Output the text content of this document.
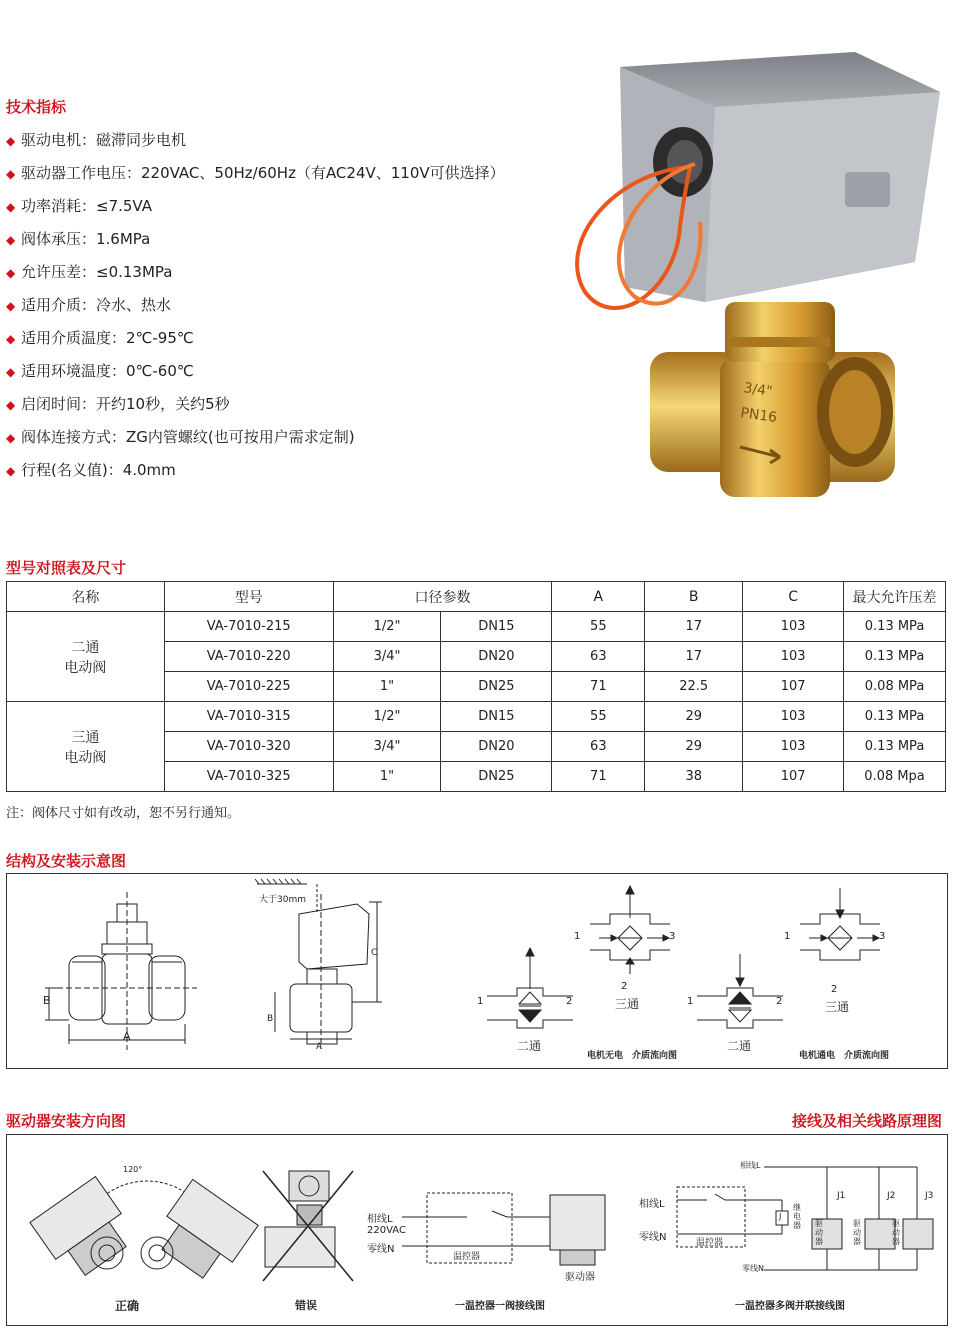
技术指标
◆ 驱动电机：磁滞同步电机
◆ 驱动器工作电压：220VAC、50Hz/60Hz（有AC24V、110V可供选择）
◆ 功率消耗：≤7.5VA
◆ 阀体承压：1.6MPa
◆ 允许压差：≤0.13MPa
◆ 适用介质：冷水、热水
◆ 适用介质温度：2℃-95℃
◆ 适用环境温度：0℃-60℃
◆ 启闭时间：开约10秒，关约5秒
◆ 阀体连接方式：ZG内管螺纹(也可按用户需求定制)
◆ 行程(名义值)：4.0mm
3/4"
PN16
型号对照表及尺寸
名称	型号	口径参数		A	B	C	最大允许压差
二通
电动阀	VA-7010-215	1/2"	DN15	55	17	103	0.13 MPa
	VA-7010-220	3/4"	DN20	63	17	103	0.13 MPa
	VA-7010-225	1"	DN25	71	22.5	107	0.08 MPa
三通
电动阀	VA-7010-315	1/2"	DN15	55	29	103	0.13 MPa
	VA-7010-320	3/4"	DN20	63	29	103	0.13 MPa
	VA-7010-325	1"	DN25	71	38	107	0.08 Mpa
注：阀体尺寸如有改动，恕不另行通知。
结构及安装示意图
B
A
大于30mm
C
B
A
1	2
二通
1	3
2
三通
电机无电　介质流向图
1	2
二通
1	3
2
三通
电机通电　介质流向图
驱动器安装方向图	接线及相关线路原理图
120°
正确	错误
相线L
220VAC
零线N
温控器
驱动器
一温控器一阀接线图
相线L
零线N	温控器
J
继电器
相线L
零线N
J1	J2	J3
驱动器
驱动器
驱动器
一温控器多阀并联接线图
